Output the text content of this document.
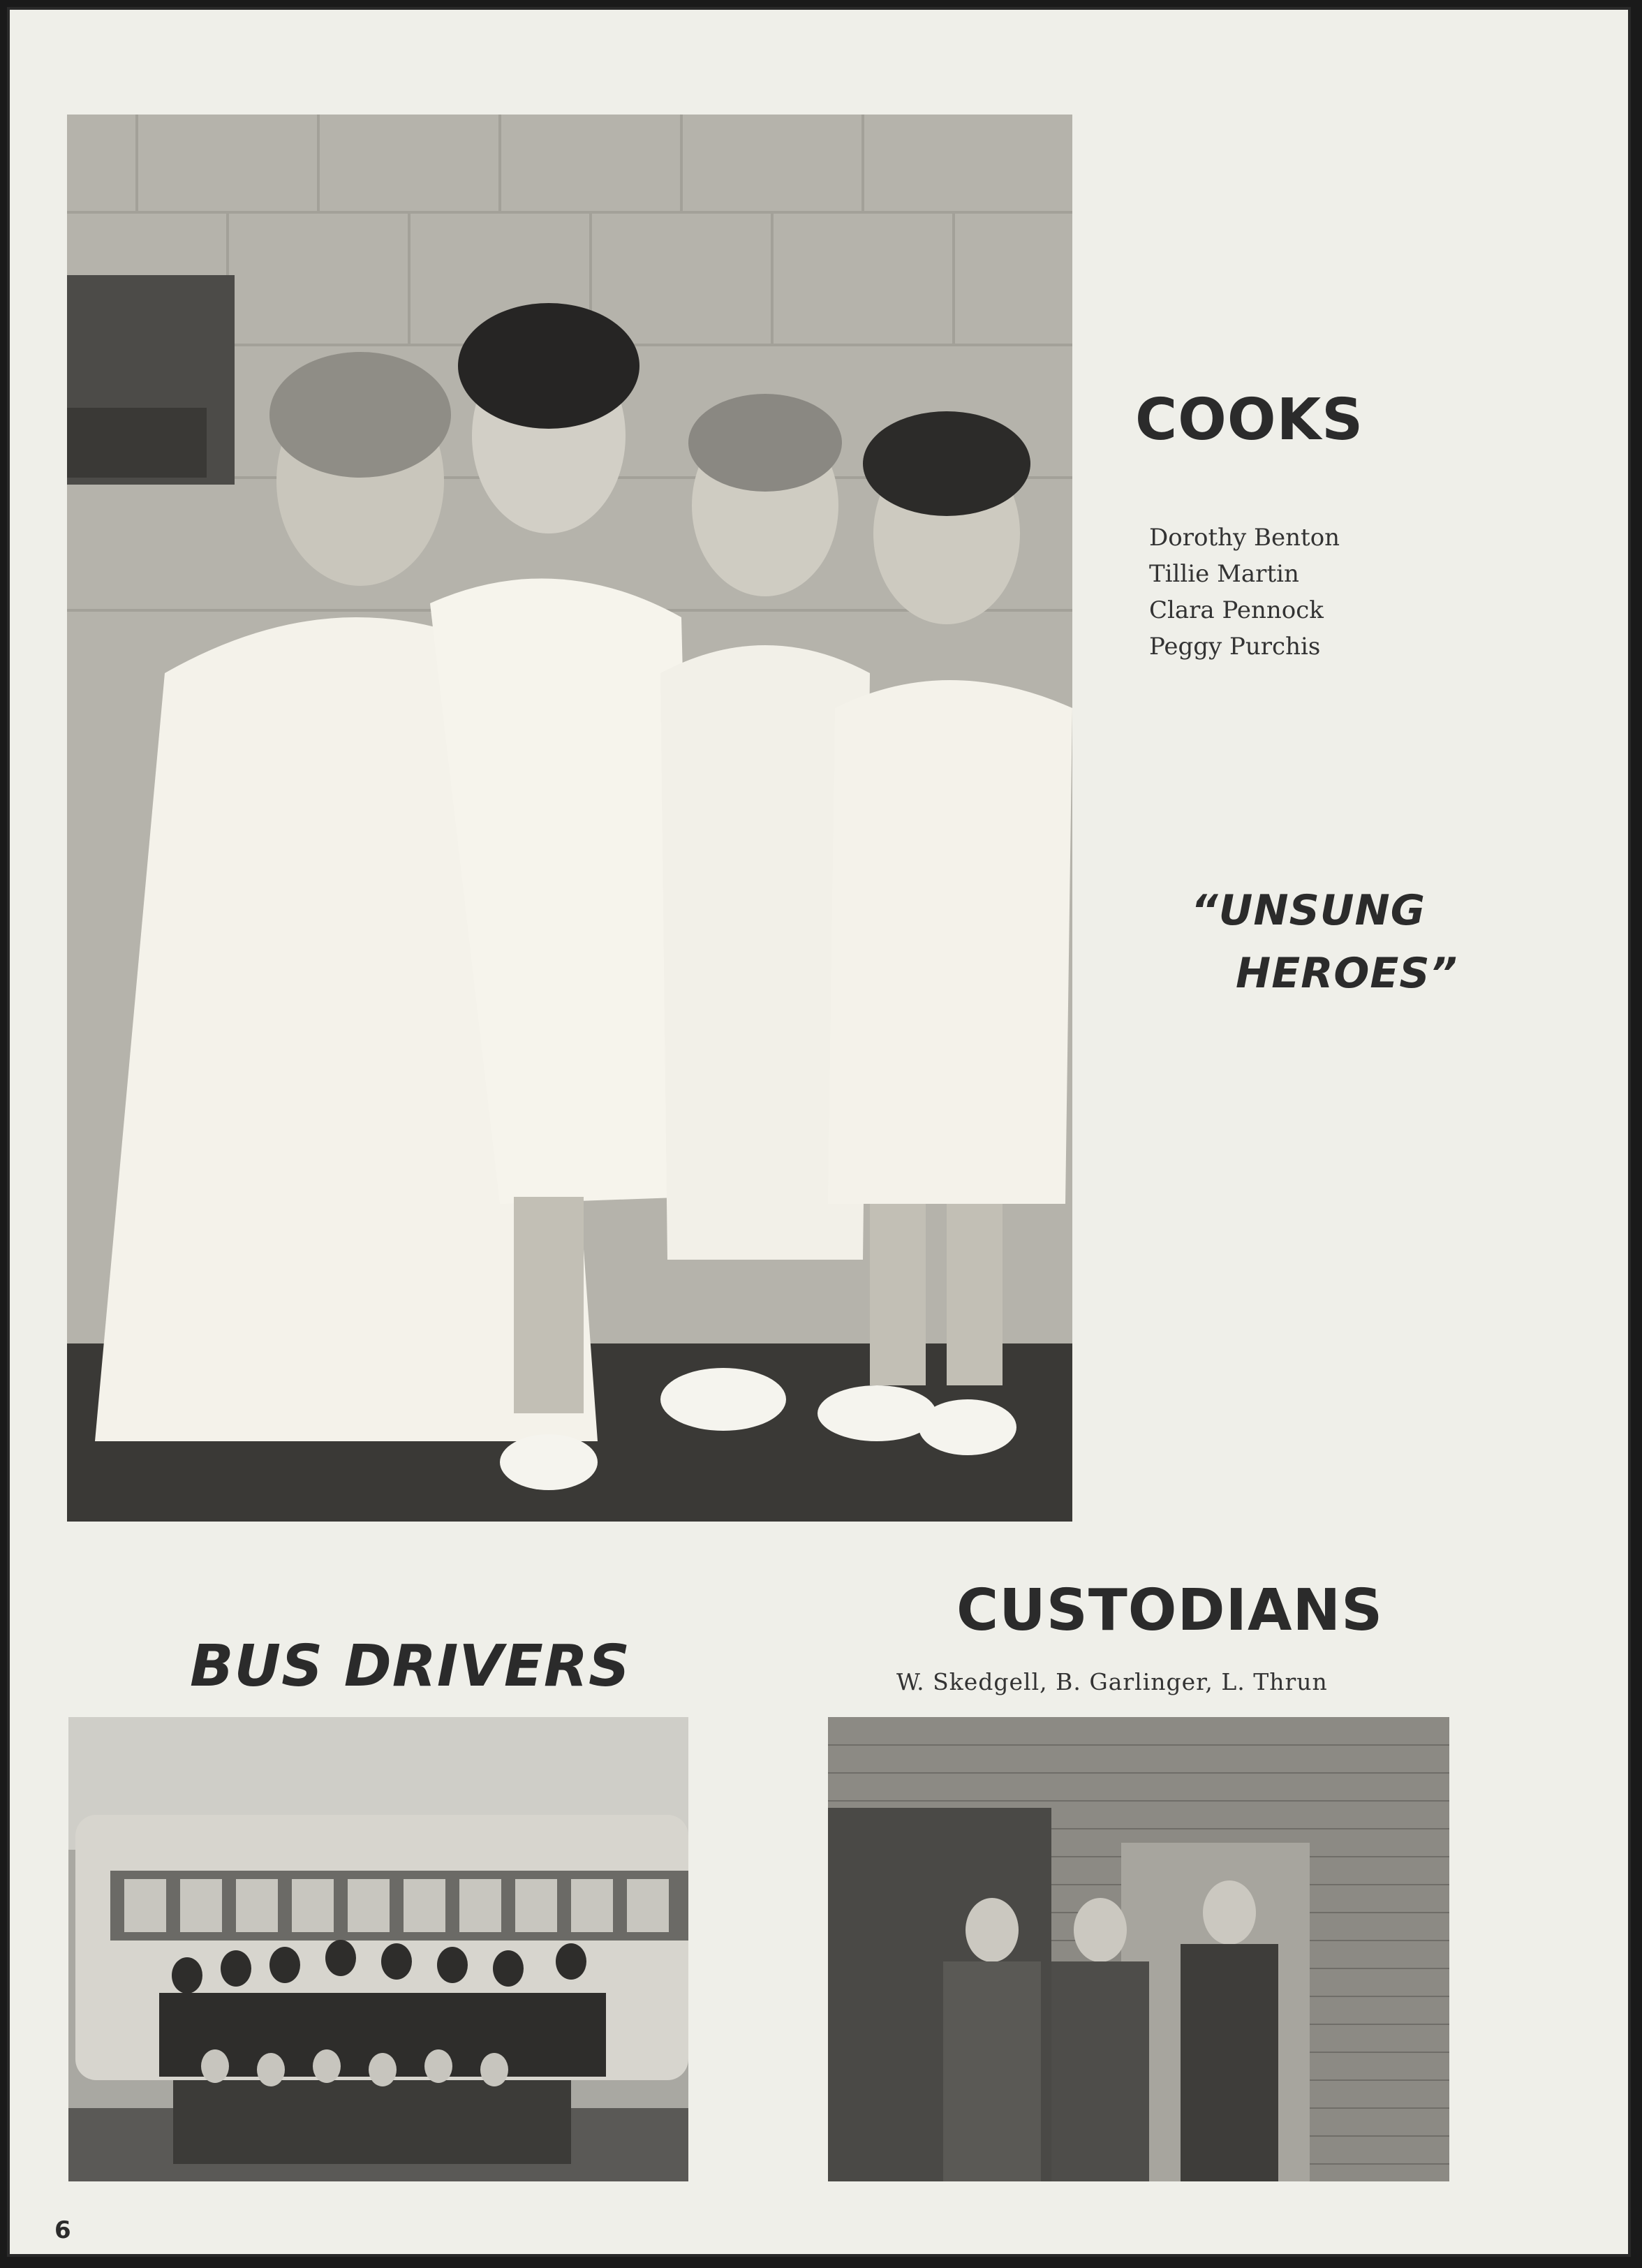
COOKS
Dorothy Benton
Tillie Martin
Clara Pennock
Peggy Purchis

“UNSUNG

HEROES”

CUSTODIANS

W. Skedgell, B. Garlinger, L. Thrun

BUS DRIVERS

6
